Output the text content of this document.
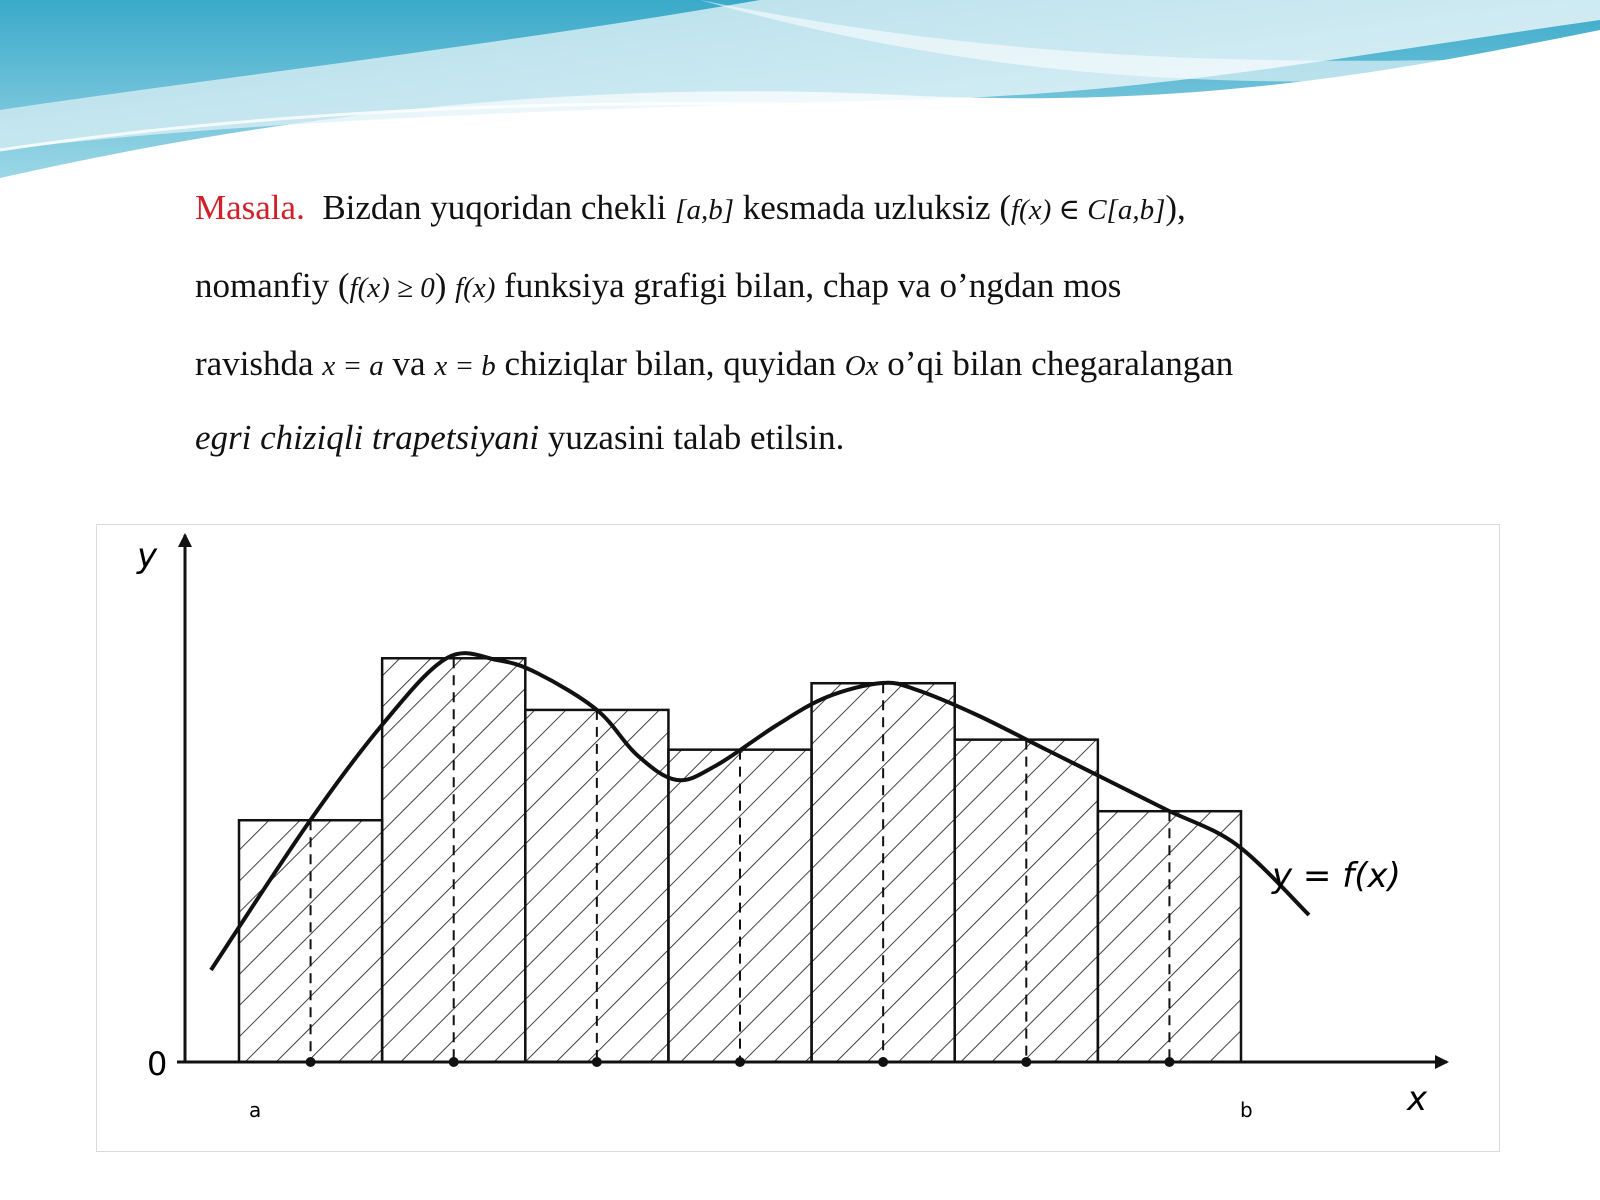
Masala. Bizdan yuqoridan chekli [a,b] kesmada uzluksiz (f(x) ∈ C[a,b]),
nomanfiy (f(x) ≥ 0) f(x) funksiya grafigi bilan, chap va o’ngdan mos
ravishda x = a va x = b chiziqlar bilan, quyidan Ox o’qi bilan chegaralangan
egri chiziqli trapetsiyani yuzasini talab etilsin.
y
x
0
a	b
y = f(x)
